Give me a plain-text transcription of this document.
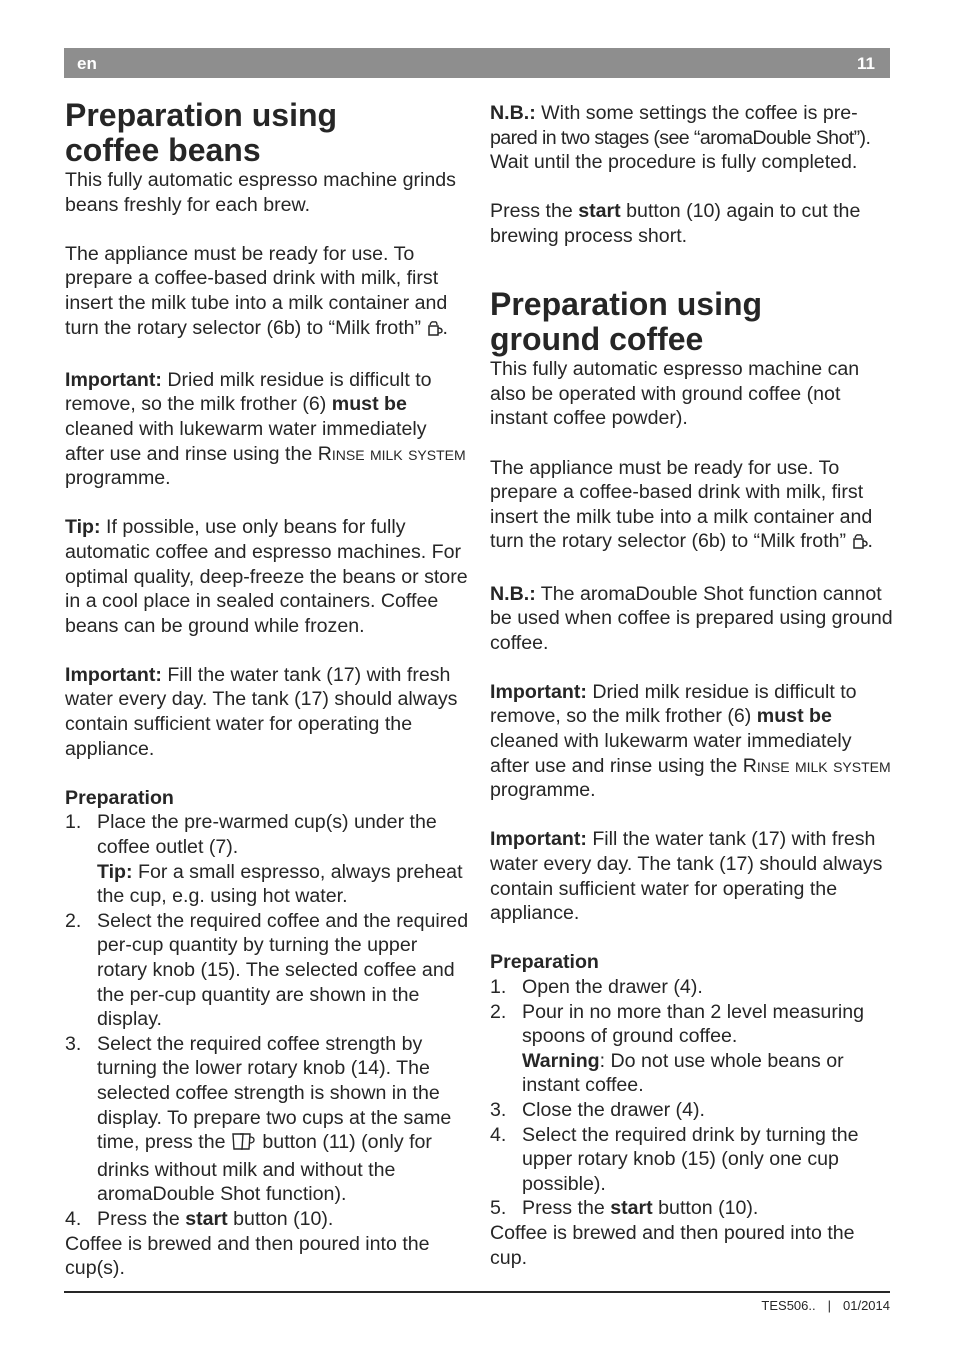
en	11
Preparation using
coffee beans

This fully automatic espresso machine grinds beans freshly for each brew.

The appliance must be ready for use. To prepare a coffee-based drink with milk, first insert the milk tube into a milk container and turn the rotary selector (6b) to “Milk froth” .

Important: Dried milk residue is difficult to remove, so the milk frother (6) must be cleaned with lukewarm water immediately after use and rinse using the Rinse milk system programme.

Tip: If possible, use only beans for fully automatic coffee and espresso machines. For optimal quality, deep-freeze the beans or store in a cool place in sealed containers. Coffee beans can be ground while frozen.

Important: Fill the water tank (17) with fresh water every day. The tank (17) should always contain sufficient water for operating the appliance.

Preparation

1. Place the pre-warmed cup(s) under the coffee outlet (7).
Tip: For a small espresso, always preheat the cup, e.g. using hot water.
2. Select the required coffee and the required per-cup quantity by turning the upper rotary knob (15). The selected coffee and the per-cup quantity are shown in the display.
3. Select the required coffee strength by turning the lower rotary knob (14). The selected coffee strength is shown in the display. To prepare two cups at the same time, press the  button (11) (only for drinks without milk and without the aromaDouble Shot function).
4. Press the start button (10).

Coffee is brewed and then poured into the cup(s).

N.B.: With some settings the coffee is pre-
pared in two stages (see “aromaDouble Shot”).
Wait until the procedure is fully completed.

Press the start button (10) again to cut the brewing process short.

Preparation using
ground coffee

This fully automatic espresso machine can also be operated with ground coffee (not instant coffee powder).

The appliance must be ready for use. To prepare a coffee-based drink with milk, first insert the milk tube into a milk container and turn the rotary selector (6b) to “Milk froth” .

N.B.: The aromaDouble Shot function cannot be used when coffee is prepared using ground coffee.

Important: Dried milk residue is difficult to remove, so the milk frother (6) must be cleaned with lukewarm water immediately after use and rinse using the Rinse milk system programme.

Important: Fill the water tank (17) with fresh water every day. The tank (17) should always contain sufficient water for operating the appliance.

Preparation

1. Open the drawer (4).
2. Pour in no more than 2 level measuring spoons of ground coffee.
Warning: Do not use whole beans or instant coffee.
3. Close the drawer (4).
4. Select the required drink by turning the upper rotary knob (15) (only one cup possible).
5. Press the start button (10).

Coffee is brewed and then poured into the cup.

TES506.. | 01/2014
